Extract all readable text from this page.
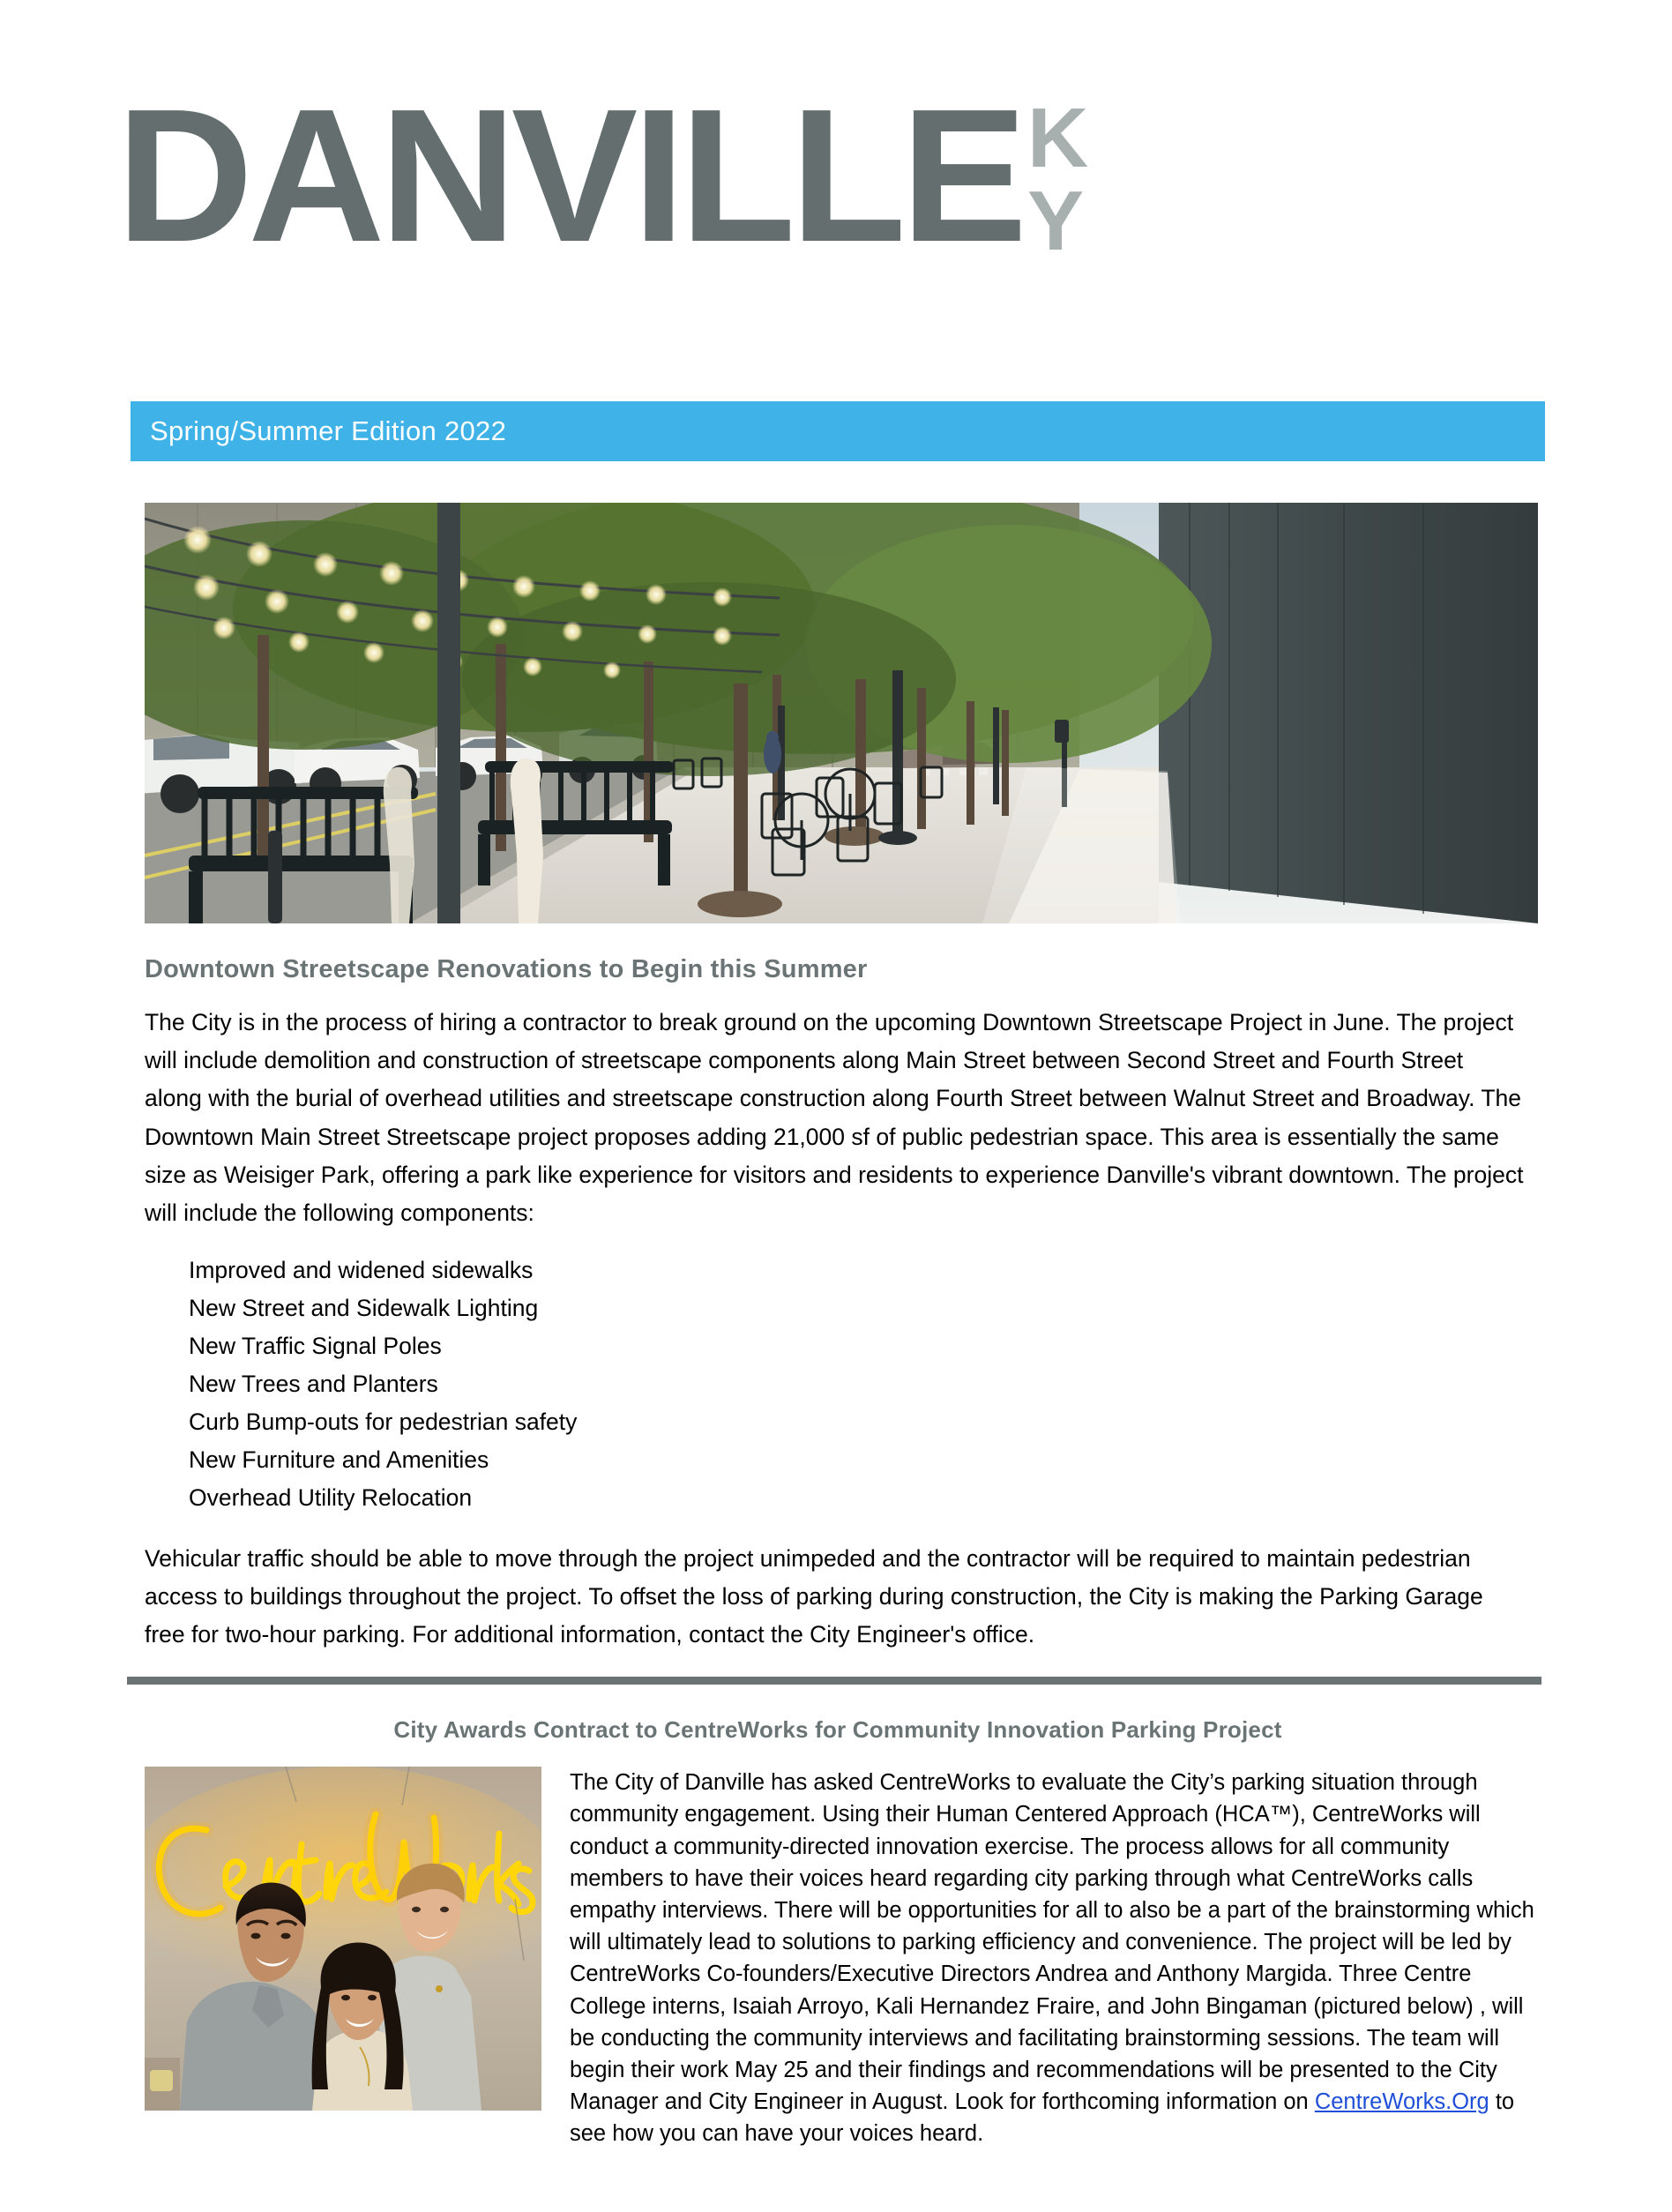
DANVILLE K
Y
Spring/Summer Edition 2022
Downtown Streetscape Renovations to Begin this Summer

The City is in the process of hiring a contractor to break ground on the upcoming Downtown Streetscape Project in June. The project will include demolition and construction of streetscape components along Main Street between Second Street and Fourth Street along with the burial of overhead utilities and streetscape construction along Fourth Street between Walnut Street and Broadway. The Downtown Main Street Streetscape project proposes adding 21,000 sf of public pedestrian space. This area is essentially the same size as Weisiger Park, offering a park like experience for visitors and residents to experience Danville's vibrant downtown. The project will include the following components:

Improved and widened sidewalks
New Street and Sidewalk Lighting
New Traffic Signal Poles
New Trees and Planters
Curb Bump-outs for pedestrian safety
New Furniture and Amenities
Overhead Utility Relocation

Vehicular traffic should be able to move through the project unimpeded and the contractor will be required to maintain pedestrian access to buildings throughout the project. To offset the loss of parking during construction, the City is making the Parking Garage free for two-hour parking. For additional information, contact the City Engineer's office.

City Awards Contract to CentreWorks for Community Innovation Parking Project
The City of Danville has asked CentreWorks to evaluate the City’s parking situation through community engagement. Using their Human Centered Approach (HCA™), CentreWorks will conduct a community-directed innovation exercise. The process allows for all community members to have their voices heard regarding city parking through what CentreWorks calls empathy interviews. There will be opportunities for all to also be a part of the brainstorming which will ultimately lead to solutions to parking efficiency and convenience. The project will be led by CentreWorks Co-founders/Executive Directors Andrea and Anthony Margida. Three Centre College interns, Isaiah Arroyo, Kali Hernandez Fraire, and John Bingaman (pictured below) , will be conducting the community interviews and facilitating brainstorming sessions. The team will begin their work May 25 and their findings and recommendations will be presented to the City Manager and City Engineer in August. Look for forthcoming information on CentreWorks.Org to see how you can have your voices heard.
